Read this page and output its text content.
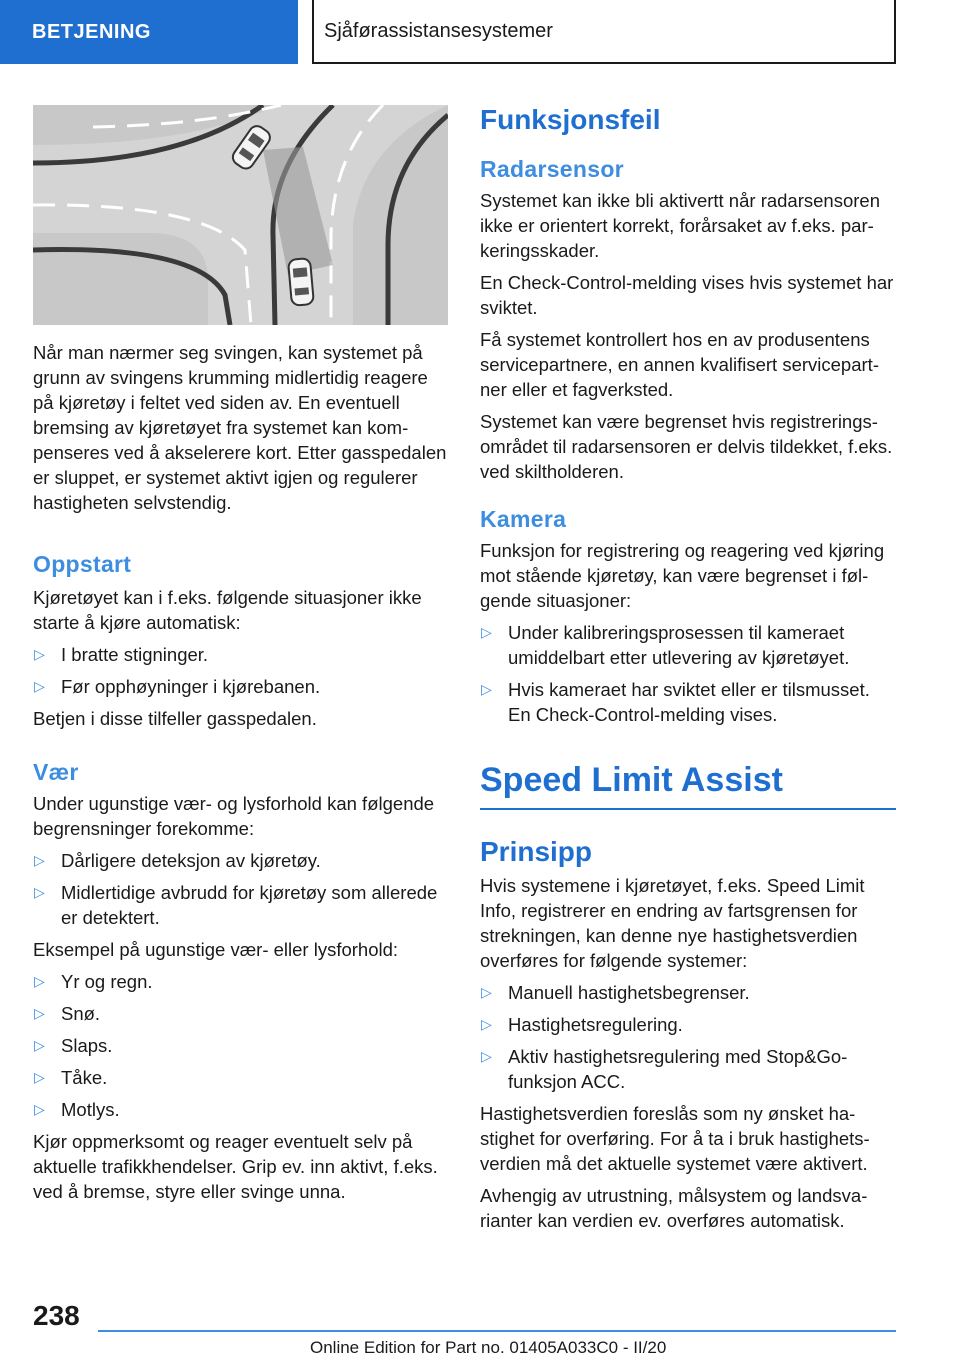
BETJENING	Sjåførassistansesystemer

Når man nærmer seg svingen, kan systemet på grunn av svingens krumming midlertidig reagere på kjøretøy i feltet ved siden av. En eventuell bremsing av kjøretøyet fra systemet kan kompenseres ved å akselerere kort. Etter gasspedalen er sluppet, er systemet aktivt igjen og regulerer hastigheten selvstendig.

Oppstart

Kjøretøyet kan i f.eks. følgende situasjoner ikke starte å kjøre automatisk:

▷ I bratte stigninger.
▷ Før opphøyninger i kjørebanen.

Betjen i disse tilfeller gasspedalen.

Vær

Under ugunstige vær- og lysforhold kan følgende begrensninger forekomme:

▷ Dårligere deteksjon av kjøretøy.
▷ Midlertidige avbrudd for kjøretøy som allerede er detektert.

Eksempel på ugunstige vær- eller lysforhold:

▷ Yr og regn.
▷ Snø.
▷ Slaps.
▷ Tåke.
▷ Motlys.

Kjør oppmerksomt og reager eventuelt selv på aktuelle trafikkhendelser. Grip ev. inn aktivt, f.eks. ved å bremse, styre eller svinge unna.

Funksjonsfeil
Radarsensor

Systemet kan ikke bli aktivertt når radarsensoren ikke er orientert korrekt, forårsaket av f.eks. parkeringsskader.

En Check-Control-melding vises hvis systemet har sviktet.

Få systemet kontrollert hos en av produsentens servicepartnere, en annen kvalifisert servicepartner eller et fagverksted.

Systemet kan være begrenset hvis registreringsområdet til radarsensoren er delvis tildekket, f.eks. ved skiltholderen.

Kamera

Funksjon for registrering og reagering ved kjøring mot stående kjøretøy, kan være begrenset i følgende situasjoner:

▷ Under kalibreringsprosessen til kameraet umiddelbart etter utlevering av kjøretøyet.
▷ Hvis kameraet har sviktet eller er tilsmusset. En Check-Control-melding vises.
Speed Limit Assist
Prinsipp

Hvis systemene i kjøretøyet, f.eks. Speed Limit Info, registrerer en endring av fartsgrensen for strekningen, kan denne nye hastighetsverdien overføres for følgende systemer:

▷ Manuell hastighetsbegrenser.
▷ Hastighetsregulering.
▷ Aktiv hastighetsregulering med Stop&Go-funksjon ACC.

Hastighetsverdien foreslås som ny ønsket hastighet for overføring. For å ta i bruk hastighetsverdien må det aktuelle systemet være aktivert.

Avhengig av utrustning, målsystem og landsvarianter kan verdien ev. overføres automatisk.

238
Online Edition for Part no. 01405A033C0 - II/20
